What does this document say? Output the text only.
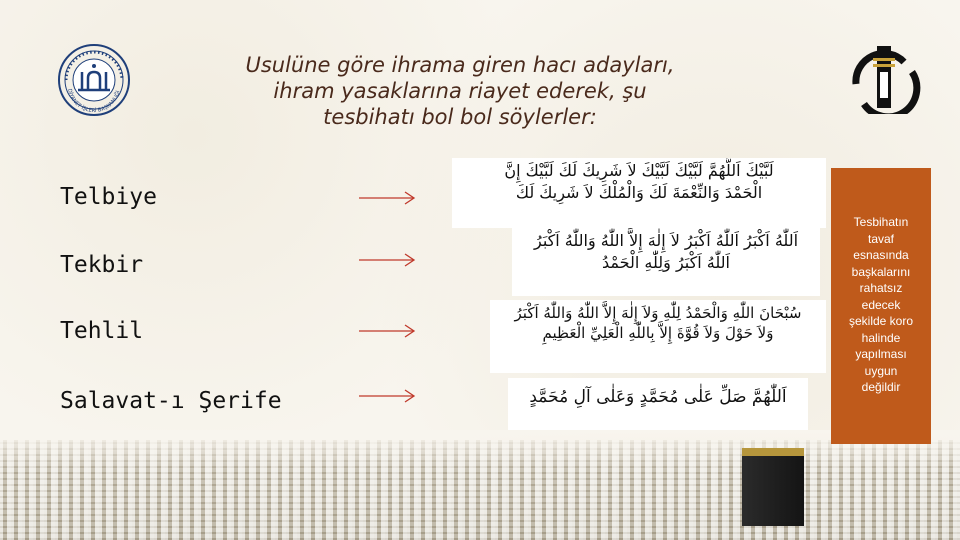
DİYANET İŞLERİ BAŞKANLIĞI
Usulüne göre ihrama giren hacı adayları,
ihram yasaklarına riayet ederek, şu
tesbihatı bol bol söylerler:
Telbiye
لَبَّيْكَ اَللَّهُمَّ لَبَّيْكَ لَبَّيْكَ لاَ شَرِيكَ لَكَ لَبَّيْكَ إِنَّ
الْحَمْدَ وَالنِّعْمَةَ لَكَ وَالْمُلْكَ لاَ شَرِيكَ لَكَ
Tekbir
اَللّٰهُ اَكْبَرُ اَللّٰهُ اَكْبَرُ لاَ إِلٰهَ إِلاَّ اللّٰهُ وَاللّٰهُ اَكْبَرُ
اَللّٰهُ اَكْبَرُ وَلِلّٰهِ الْحَمْدُ
Tehlil
سُبْحَانَ اللّٰهِ وَالْحَمْدُ لِلّٰهِ وَلاَ إِلٰهَ إِلاَّ اللّٰهُ وَاللّٰهُ اَكْبَرُ
وَلاَ حَوْلَ وَلاَ قُوَّةَ إِلاَّ بِاللّٰهِ الْعَلِيِّ الْعَظِيمِ
Salavat-ı Şerife	اَللّٰهُمَّ صَلِّ عَلٰى مُحَمَّدٍ وَعَلٰى آلِ مُحَمَّدٍ
Tesbihatın
tavaf
esnasında
başkalarını
rahatsız
edecek
şekilde koro
halinde
yapılması
uygun
değildir
